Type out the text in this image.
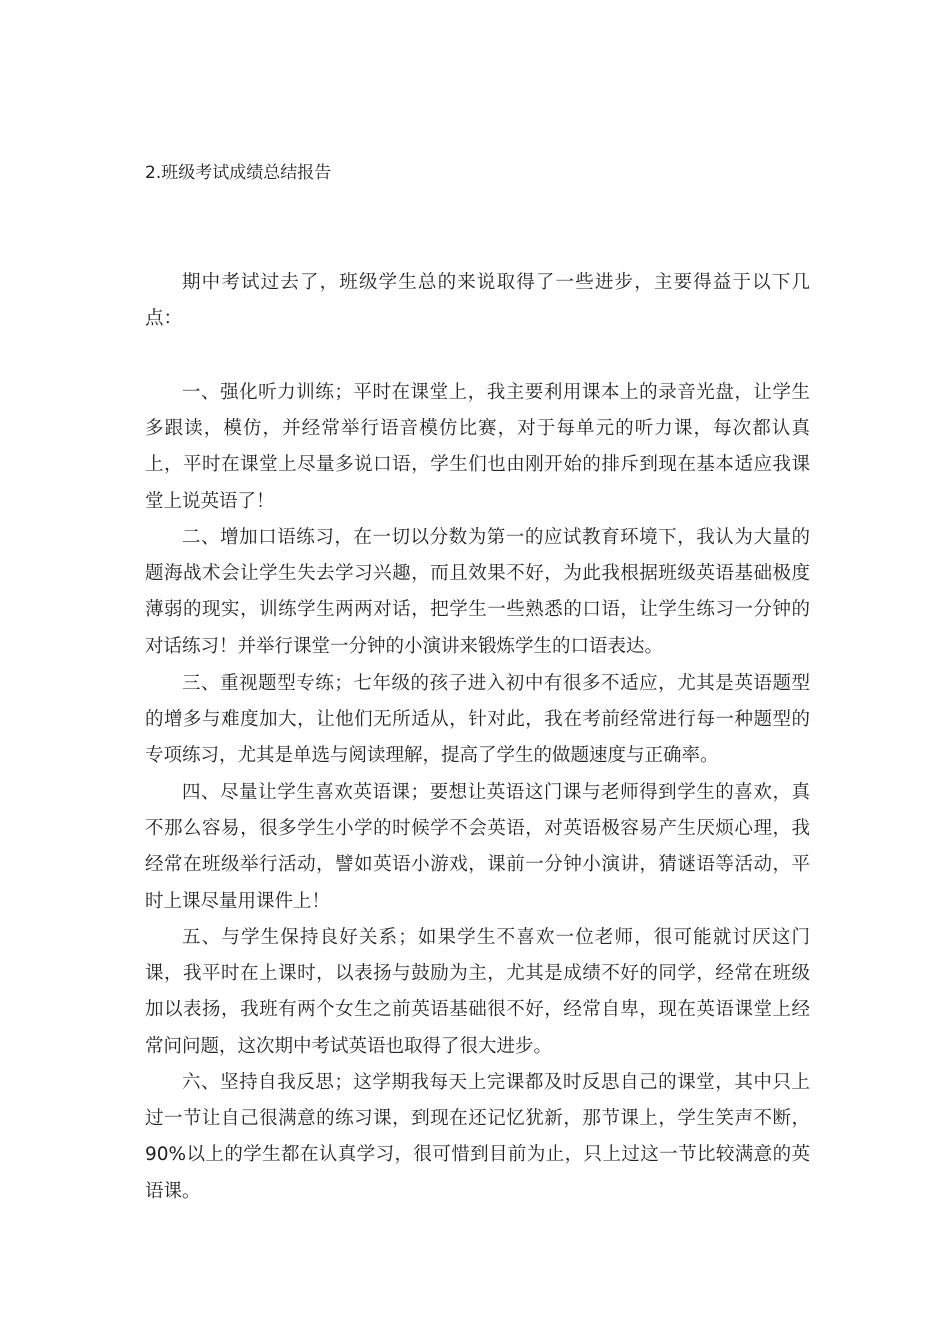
2.班级考试成绩总结报告

期中考试过去了，班级学生总的来说取得了一些进步，主要得益于以下几点：

一、强化听力训练；平时在课堂上，我主要利用课本上的录音光盘，让学生多跟读，模仿，并经常举行语音模仿比赛，对于每单元的听力课，每次都认真上，平时在课堂上尽量多说口语，学生们也由刚开始的排斥到现在基本适应我课堂上说英语了！

二、增加口语练习，在一切以分数为第一的应试教育环境下，我认为大量的题海战术会让学生失去学习兴趣，而且效果不好，为此我根据班级英语基础极度薄弱的现实，训练学生两两对话，把学生一些熟悉的口语，让学生练习一分钟的对话练习！并举行课堂一分钟的小演讲来锻炼学生的口语表达。

三、重视题型专练；七年级的孩子进入初中有很多不适应，尤其是英语题型的增多与难度加大，让他们无所适从，针对此，我在考前经常进行每一种题型的专项练习，尤其是单选与阅读理解，提高了学生的做题速度与正确率。

四、尽量让学生喜欢英语课；要想让英语这门课与老师得到学生的喜欢，真不那么容易，很多学生小学的时候学不会英语，对英语极容易产生厌烦心理，我经常在班级举行活动，譬如英语小游戏，课前一分钟小演讲，猜谜语等活动，平时上课尽量用课件上！

五、与学生保持良好关系；如果学生不喜欢一位老师，很可能就讨厌这门课，我平时在上课时，以表扬与鼓励为主，尤其是成绩不好的同学，经常在班级加以表扬，我班有两个女生之前英语基础很不好，经常自卑，现在英语课堂上经常问问题，这次期中考试英语也取得了很大进步。

六、坚持自我反思；这学期我每天上完课都及时反思自己的课堂，其中只上过一节让自己很满意的练习课，到现在还记忆犹新，那节课上，学生笑声不断，90%以上的学生都在认真学习，很可惜到目前为止，只上过这一节比较满意的英语课。
